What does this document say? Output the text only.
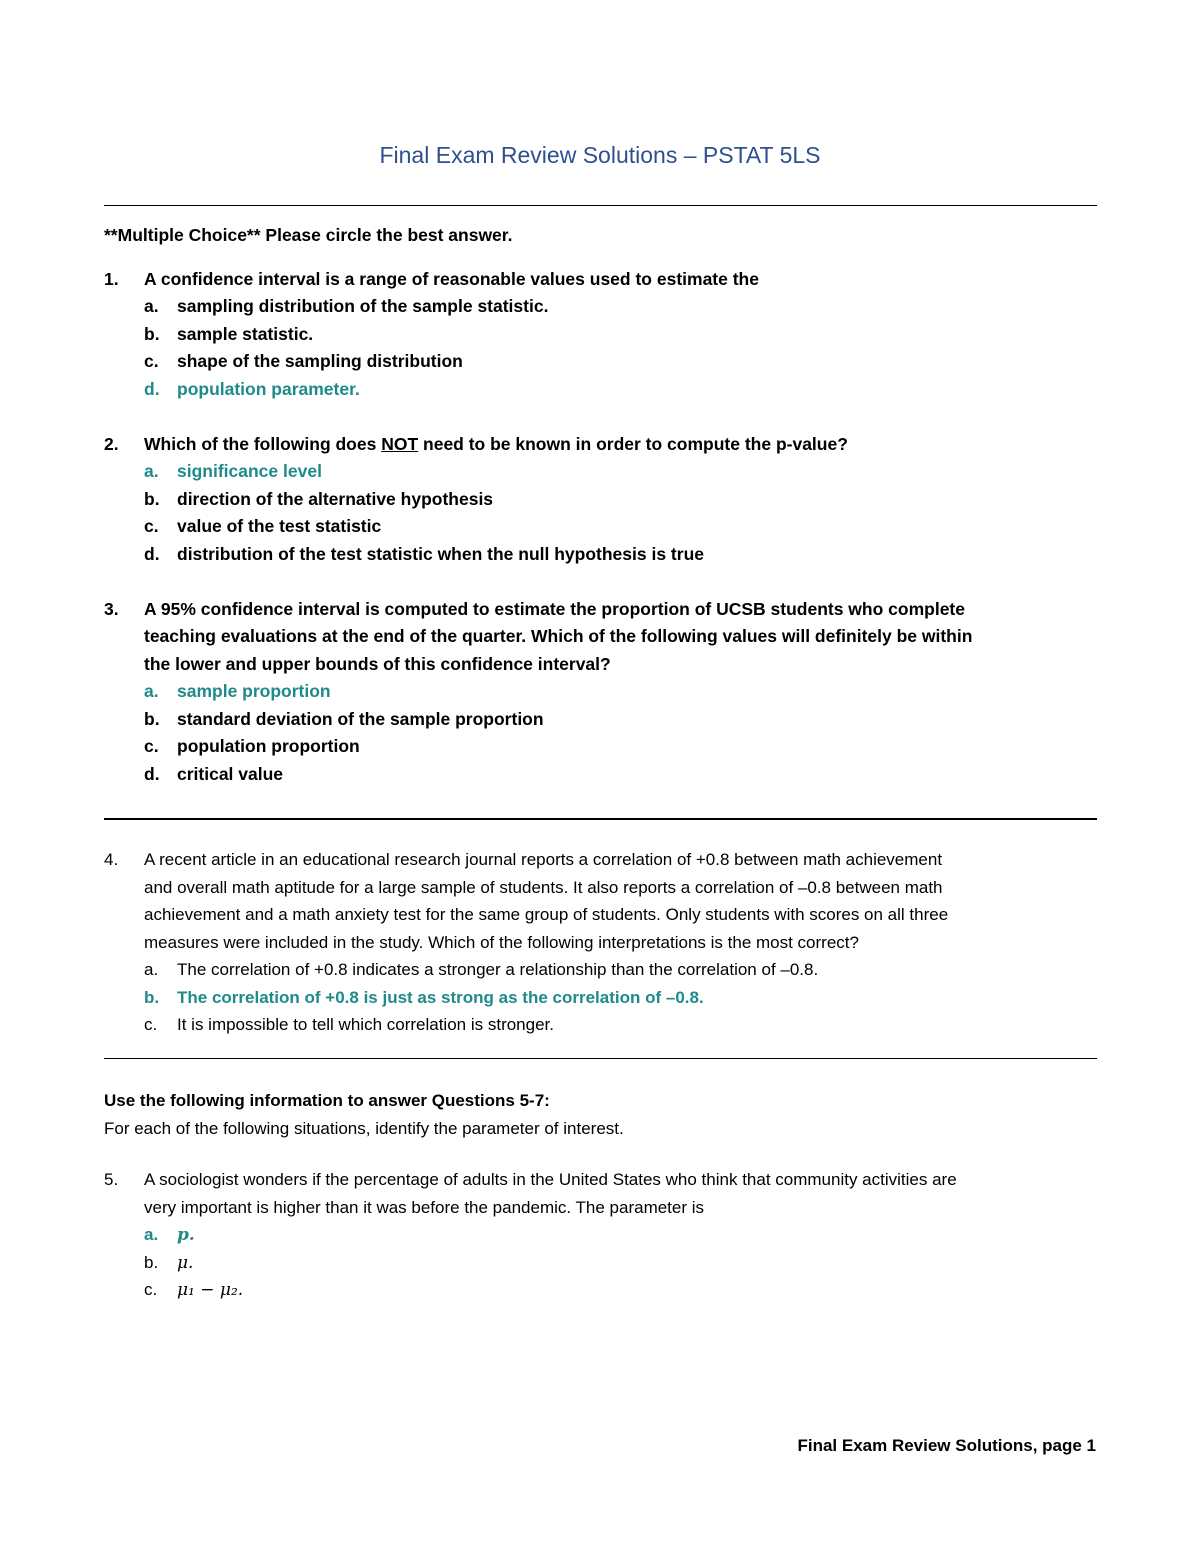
Final Exam Review Solutions – PSTAT 5LS
**Multiple Choice** Please circle the best answer.
1. A confidence interval is a range of reasonable values used to estimate the
a. sampling distribution of the sample statistic.
b. sample statistic.
c. shape of the sampling distribution
d. population parameter.
2. Which of the following does NOT need to be known in order to compute the p-value?
a. significance level
b. direction of the alternative hypothesis
c. value of the test statistic
d. distribution of the test statistic when the null hypothesis is true
3. A 95% confidence interval is computed to estimate the proportion of UCSB students who complete
teaching evaluations at the end of the quarter. Which of the following values will definitely be within
the lower and upper bounds of this confidence interval?
a. sample proportion
b. standard deviation of the sample proportion
c. population proportion
d. critical value
4. A recent article in an educational research journal reports a correlation of +0.8 between math achievement
and overall math aptitude for a large sample of students. It also reports a correlation of –0.8 between math
achievement and a math anxiety test for the same group of students. Only students with scores on all three
measures were included in the study. Which of the following interpretations is the most correct?
a. The correlation of +0.8 indicates a stronger a relationship than the correlation of –0.8.
b. The correlation of +0.8 is just as strong as the correlation of –0.8.
c. It is impossible to tell which correlation is stronger.
Use the following information to answer Questions 5-7:
For each of the following situations, identify the parameter of interest.
5. A sociologist wonders if the percentage of adults in the United States who think that community activities are
very important is higher than it was before the pandemic. The parameter is
a. p.
b. μ.
c. μ₁ − μ₂.
Final Exam Review Solutions, page 1
